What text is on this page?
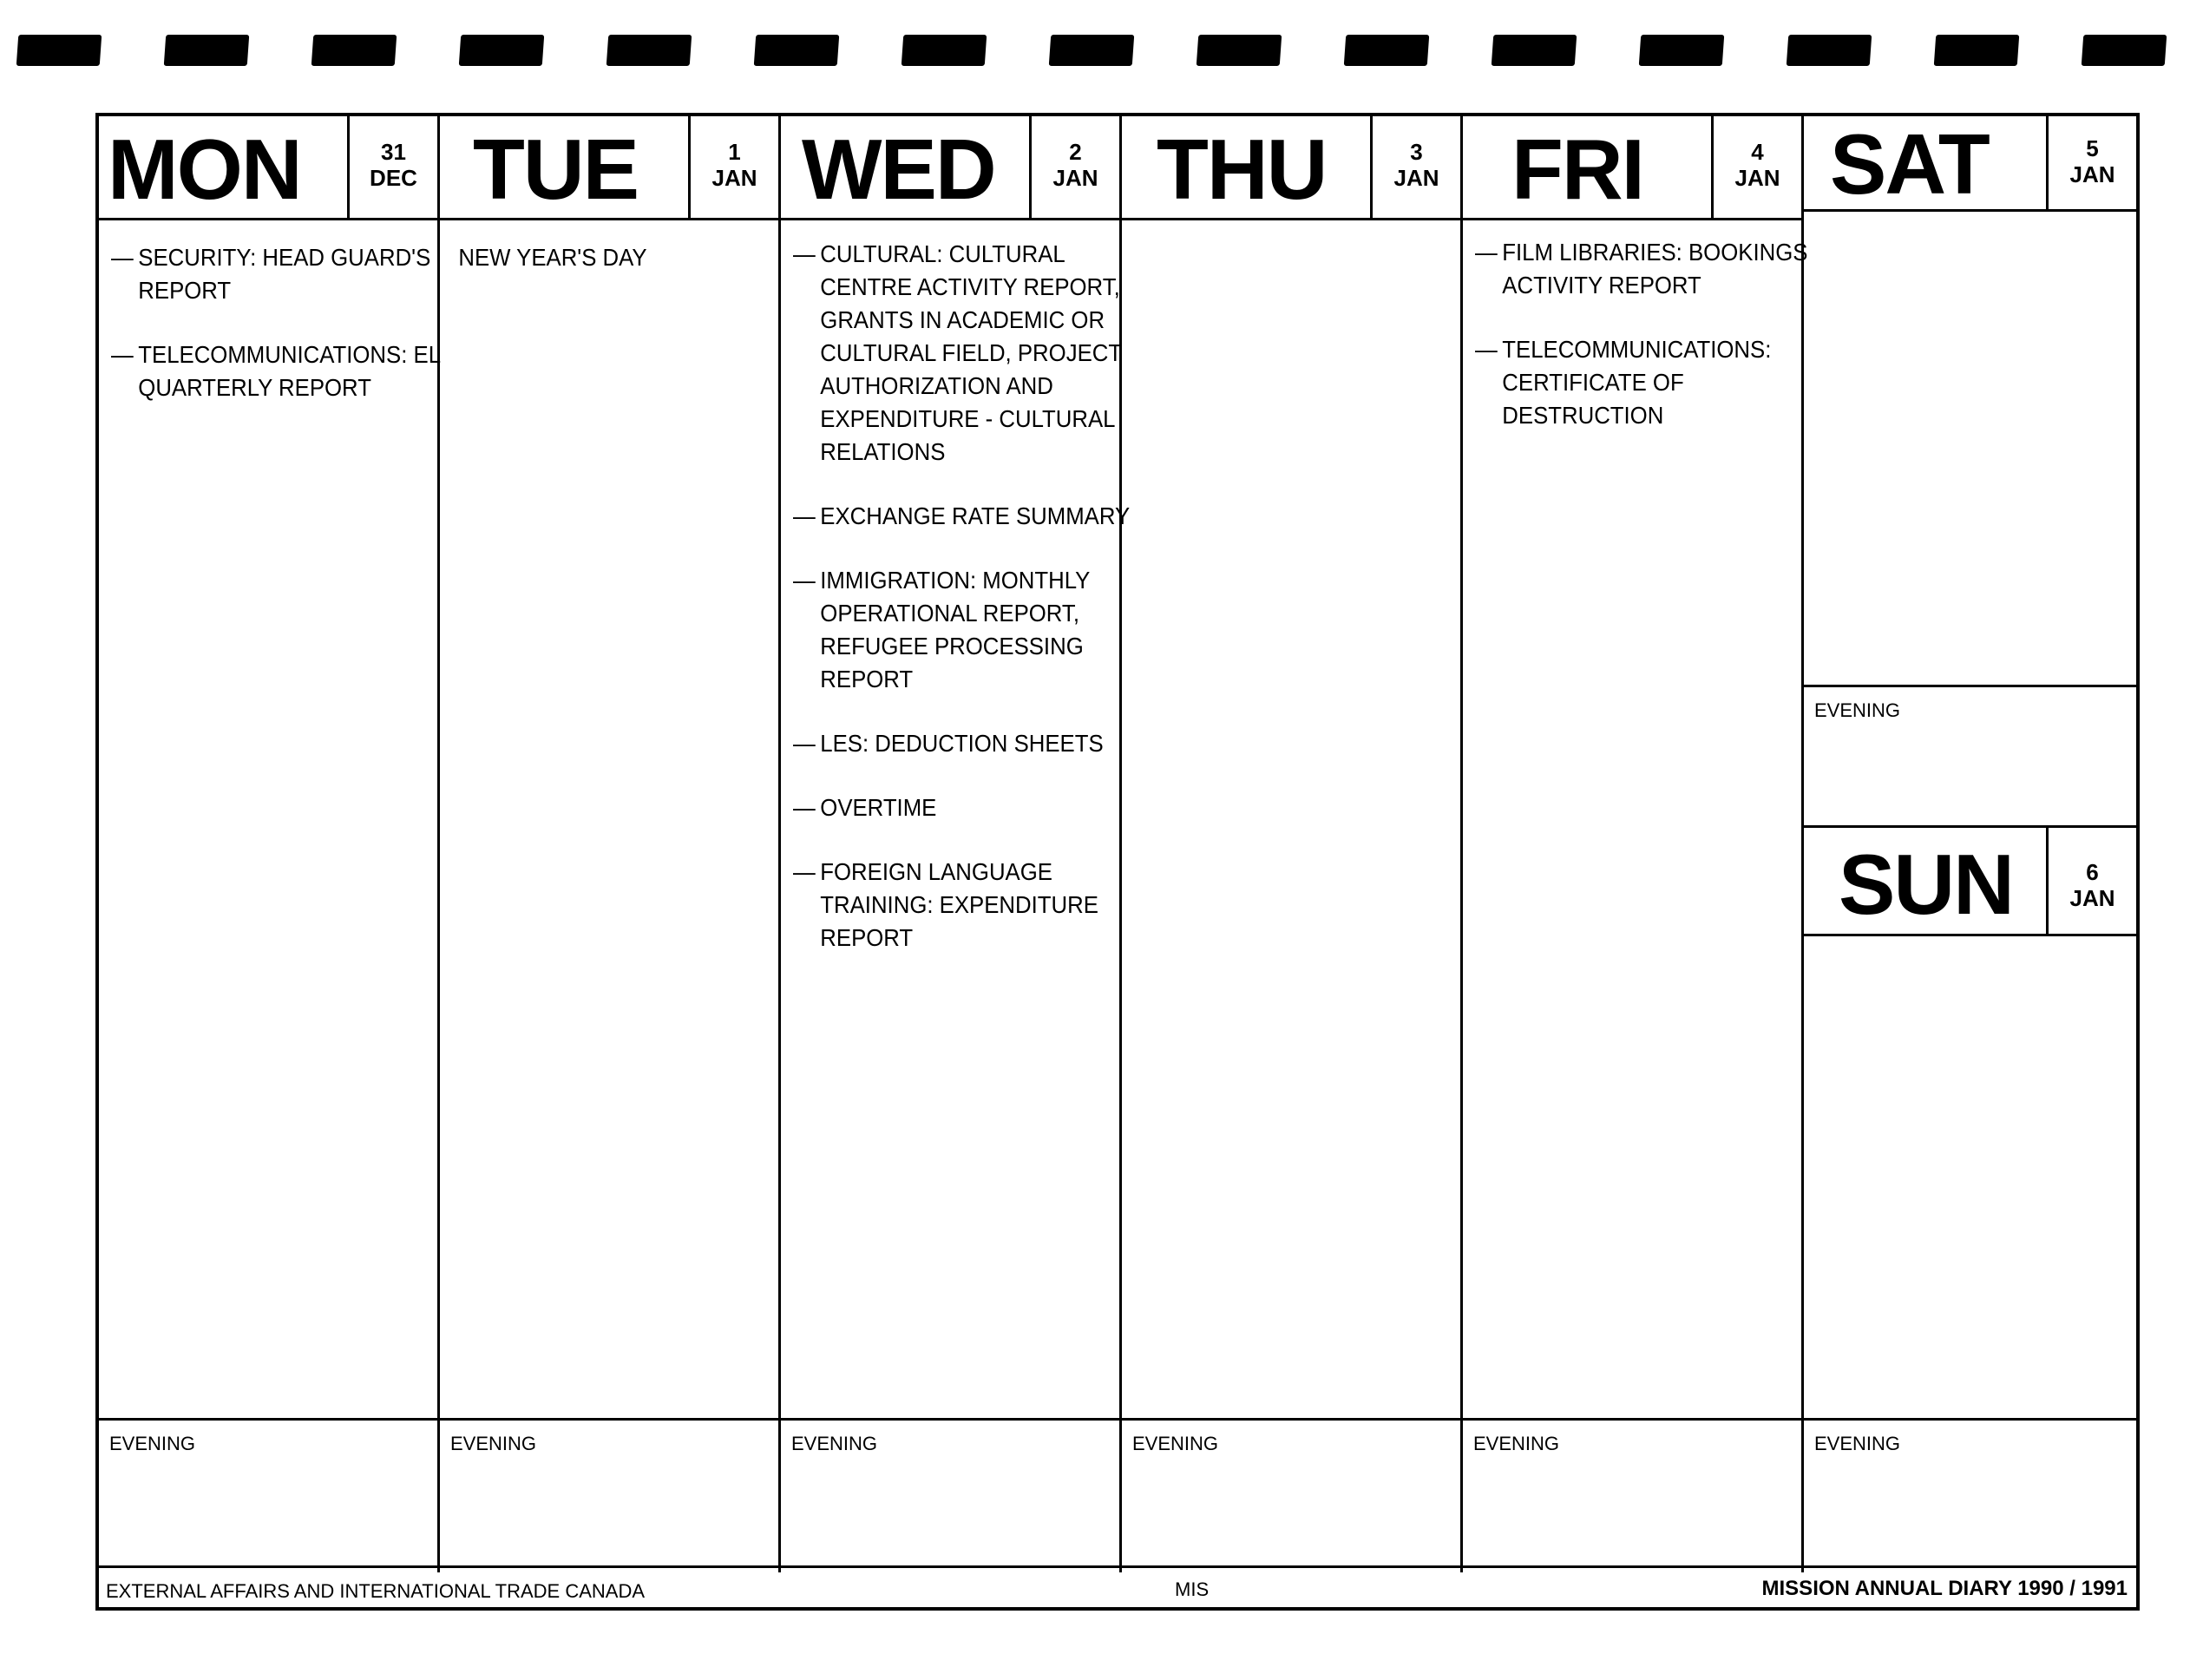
MON	31
DEC
— SECURITY: HEAD GUARD'S REPORT
— TELECOMMUNICATIONS: EL QUARTERLY REPORT
EVENING
TUE	1
JAN
NEW YEAR'S DAY
EVENING
WED	2
JAN
— CULTURAL: CULTURAL CENTRE ACTIVITY REPORT, GRANTS IN ACADEMIC OR CULTURAL FIELD, PROJECT AUTHORIZATION AND EXPENDITURE - CULTURAL RELATIONS
— EXCHANGE RATE SUMMARY
— IMMIGRATION: MONTHLY OPERATIONAL REPORT, REFUGEE PROCESSING REPORT
— LES: DEDUCTION SHEETS
— OVERTIME
— FOREIGN LANGUAGE TRAINING: EXPENDITURE REPORT
EVENING
THU	3
JAN
EVENING
FRI	4
JAN
— FILM LIBRARIES: BOOKINGS ACTIVITY REPORT
— TELECOMMUNICATIONS: CERTIFICATE OF DESTRUCTION
EVENING
SAT	5
JAN
EVENING
SUN	6
JAN
EVENING
EXTERNAL AFFAIRS AND INTERNATIONAL TRADE CANADA	MIS	MISSION ANNUAL DIARY 1990 / 1991
